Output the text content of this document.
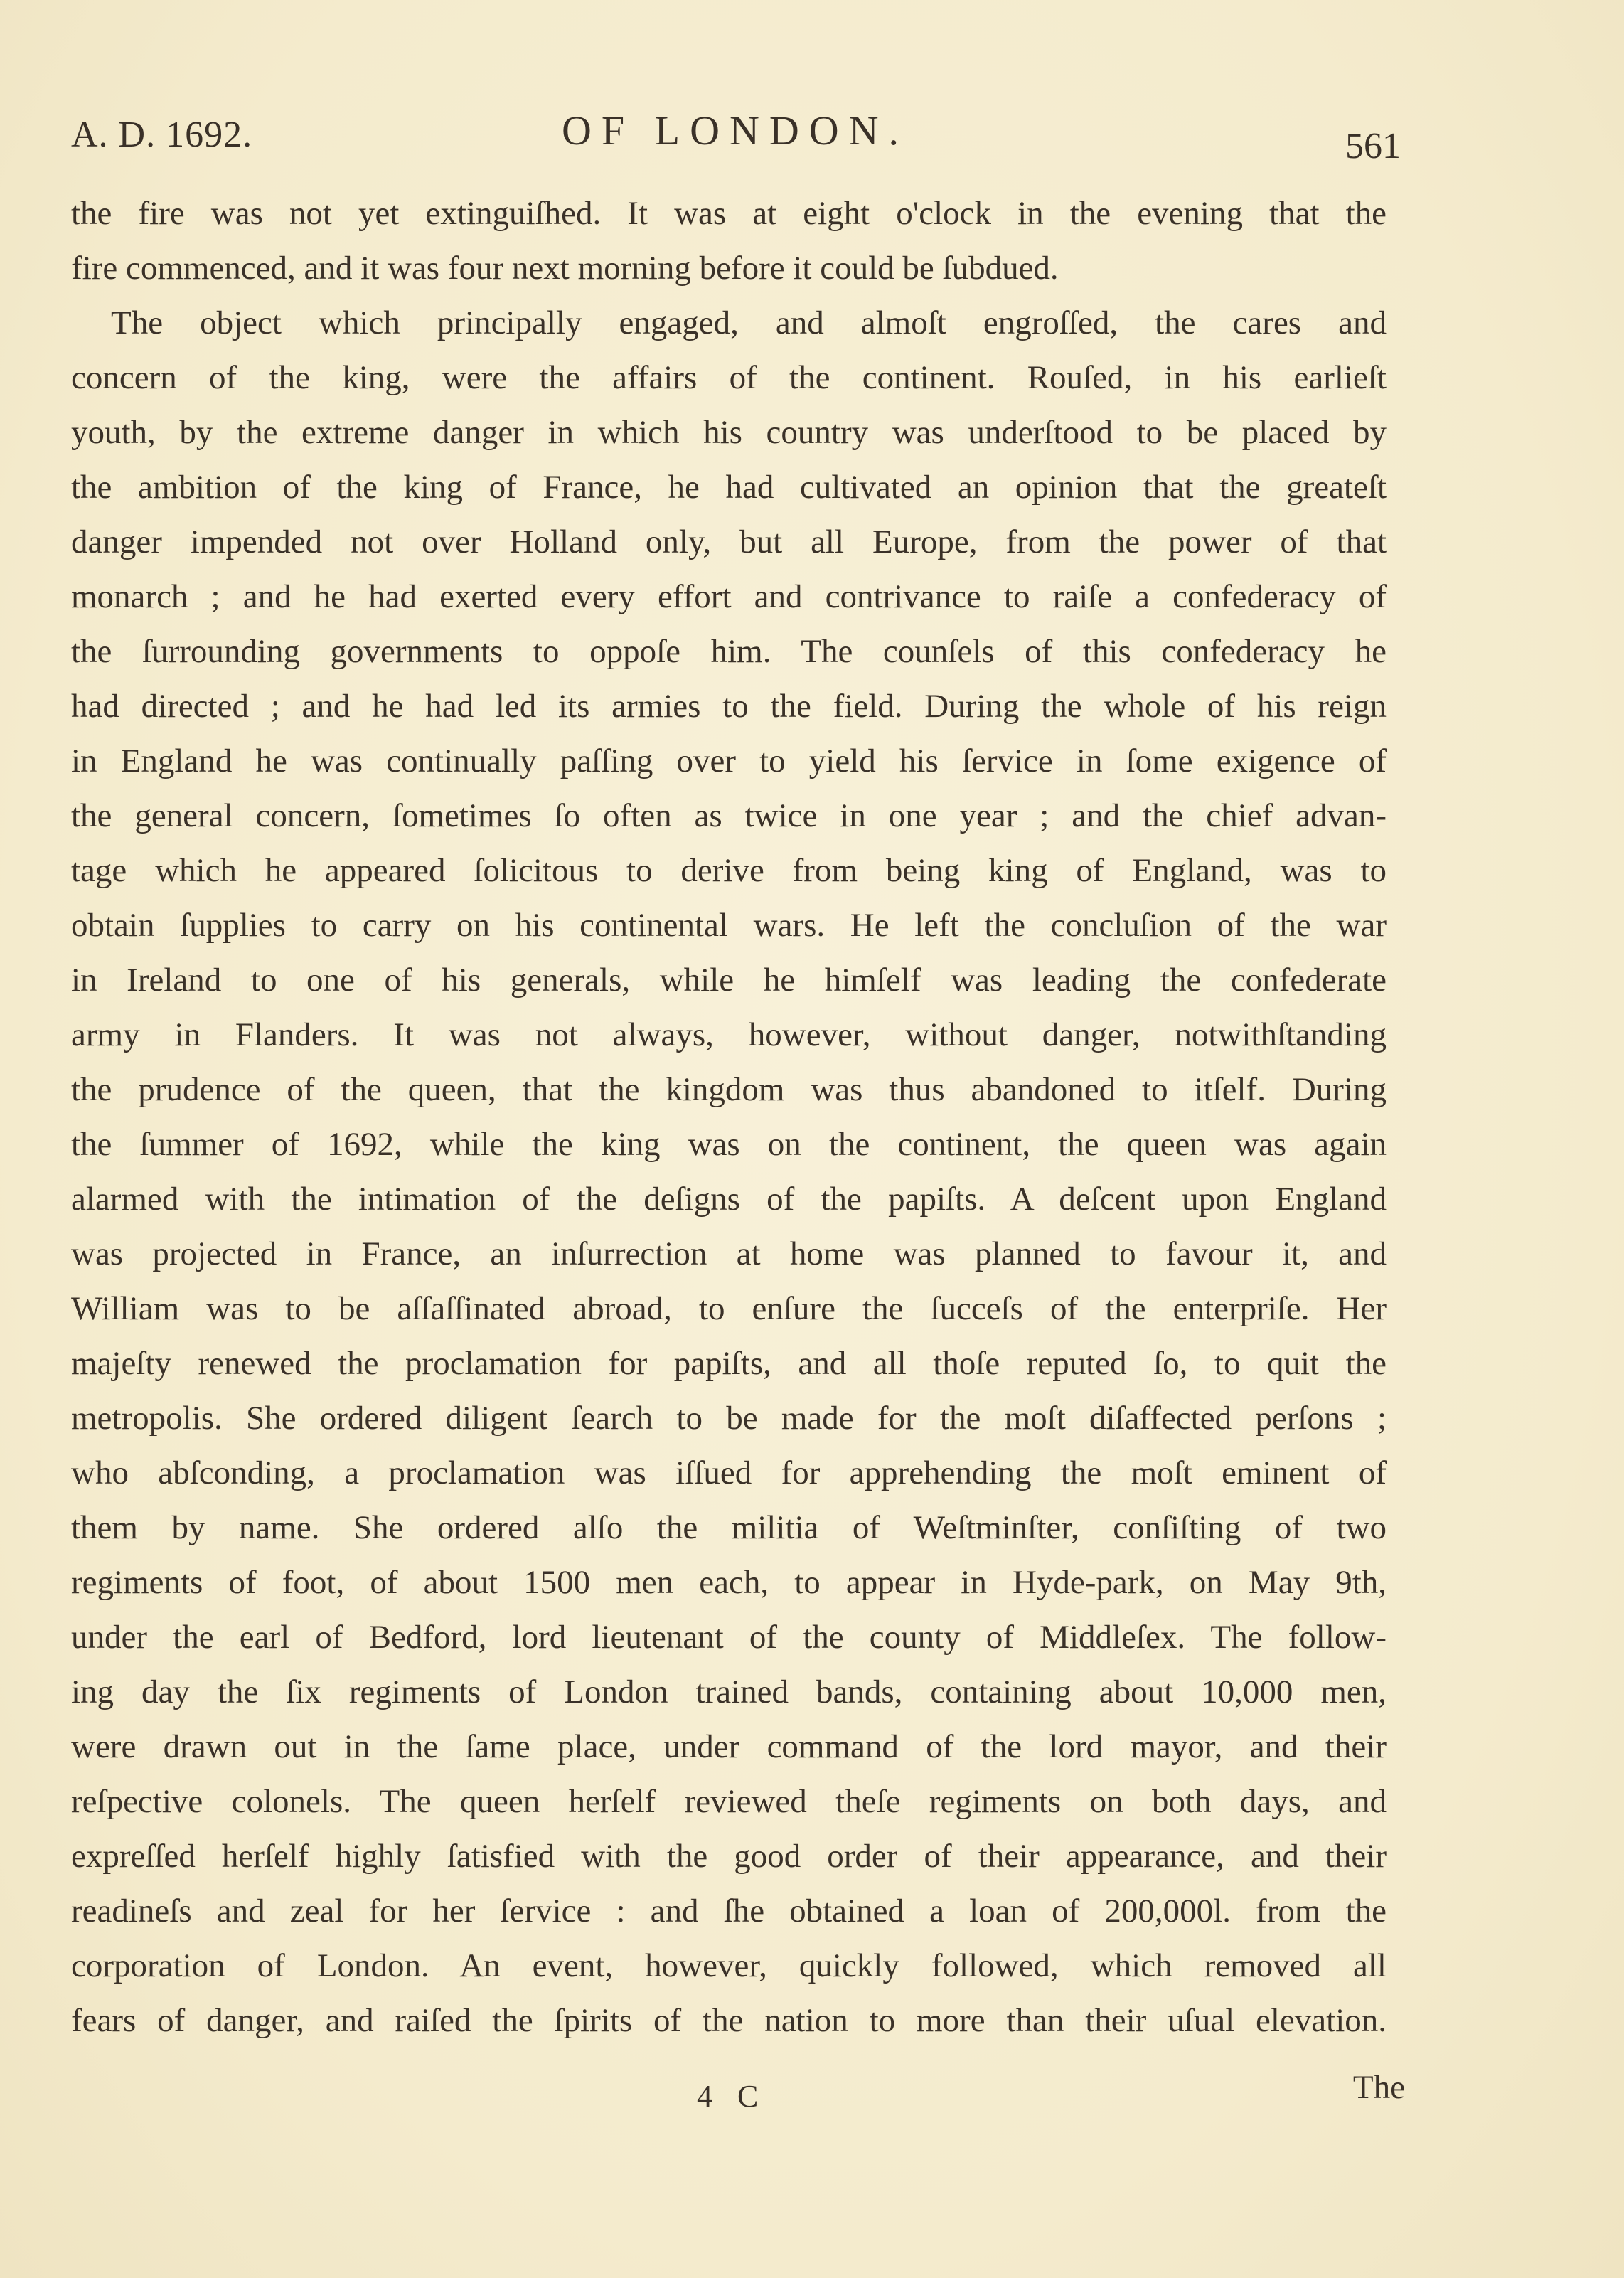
A. D. 1692.	OF LONDON.	561
the fire was not yet extinguiſhed. It was at eight o'clock in the evening that the
fire commenced, and it was four next morning before it could be ſubdued.
The object which principally engaged, and almoſt engroſſed, the cares and
concern of the king, were the affairs of the continent. Rouſed, in his earlieſt
youth, by the extreme danger in which his country was underſtood to be placed by
the ambition of the king of France, he had cultivated an opinion that the greateſt
danger impended not over Holland only, but all Europe, from the power of that
monarch ; and he had exerted every effort and contrivance to raiſe a confederacy of
the ſurrounding governments to oppoſe him. The counſels of this confederacy he
had directed ; and he had led its armies to the field. During the whole of his reign
in England he was continually paſſing over to yield his ſervice in ſome exigence of
the general concern, ſometimes ſo often as twice in one year ; and the chief advan-
tage which he appeared ſolicitous to derive from being king of England, was to
obtain ſupplies to carry on his continental wars. He left the concluſion of the war
in Ireland to one of his generals, while he himſelf was leading the confederate
army in Flanders. It was not always, however, without danger, notwithſtanding
the prudence of the queen, that the kingdom was thus abandoned to itſelf. During
the ſummer of 1692, while the king was on the continent, the queen was again
alarmed with the intimation of the deſigns of the papiſts. A deſcent upon England
was projected in France, an inſurrection at home was planned to favour it, and
William was to be aſſaſſinated abroad, to enſure the ſucceſs of the enterpriſe. Her
majeſty renewed the proclamation for papiſts, and all thoſe reputed ſo, to quit the
metropolis. She ordered diligent ſearch to be made for the moſt diſaffected perſons ;
who abſconding, a proclamation was iſſued for apprehending the moſt eminent of
them by name. She ordered alſo the militia of Weſtminſter, conſiſting of two
regiments of foot, of about 1500 men each, to appear in Hyde-park, on May 9th,
under the earl of Bedford, lord lieutenant of the county of Middleſex. The follow-
ing day the ſix regiments of London trained bands, containing about 10,000 men,
were drawn out in the ſame place, under command of the lord mayor, and their
reſpective colonels. The queen herſelf reviewed theſe regiments on both days, and
expreſſed herſelf highly ſatisfied with the good order of their appearance, and their
readineſs and zeal for her ſervice : and ſhe obtained a loan of 200,000l. from the
corporation of London. An event, however, quickly followed, which removed all
fears of danger, and raiſed the ſpirits of the nation to more than their uſual elevation.
4 C	The
